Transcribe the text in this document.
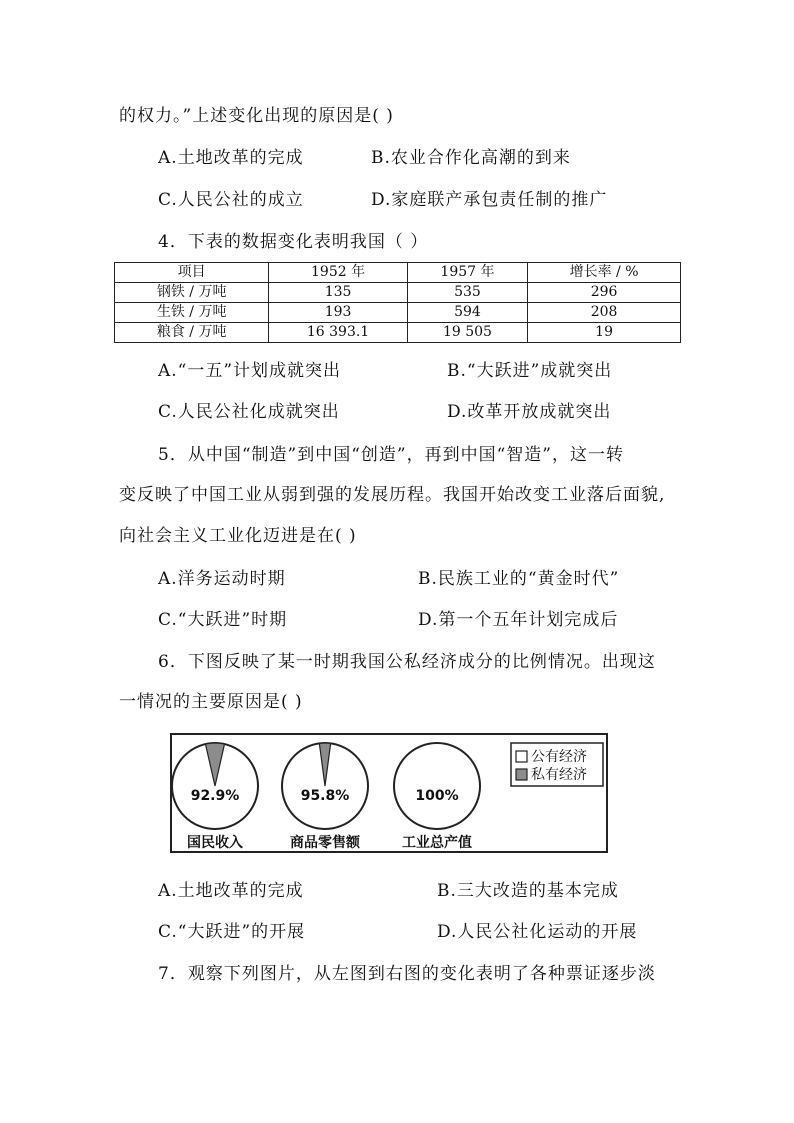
的权力。”上述变化出现的原因是( )
A.土地改革的完成	B.农业合作化高潮的到来
C.人民公社的成立	D.家庭联产承包责任制的推广
4．下表的数据变化表明我国（ ）
项目	1952 年	1957 年	增长率 / %
钢铁 / 万吨	135	535	296
生铁 / 万吨	193	594	208
粮食 / 万吨	16 393.1	19 505	19
A.“一五”计划成就突出	B.“大跃进”成就突出
C.人民公社化成就突出	D.改革开放成就突出
5．从中国“制造”到中国“创造”，再到中国“智造”，这一转
变反映了中国工业从弱到强的发展历程。我国开始改变工业落后面貌,
向社会主义工业化迈进是在( )
A.洋务运动时期	B.民族工业的“黄金时代”
C.“大跃进”时期	D.第一个五年计划完成后
6．下图反映了某一时期我国公私经济成分的比例情况。出现这
一情况的主要原因是( )
92.9%
国民收入
95.8%
商品零售额
100%
工业总产值
公有经济
私有经济
A.土地改革的完成	B.三大改造的基本完成
C.“大跃进”的开展	D.人民公社化运动的开展
7．观察下列图片，从左图到右图的变化表明了各种票证逐步淡
